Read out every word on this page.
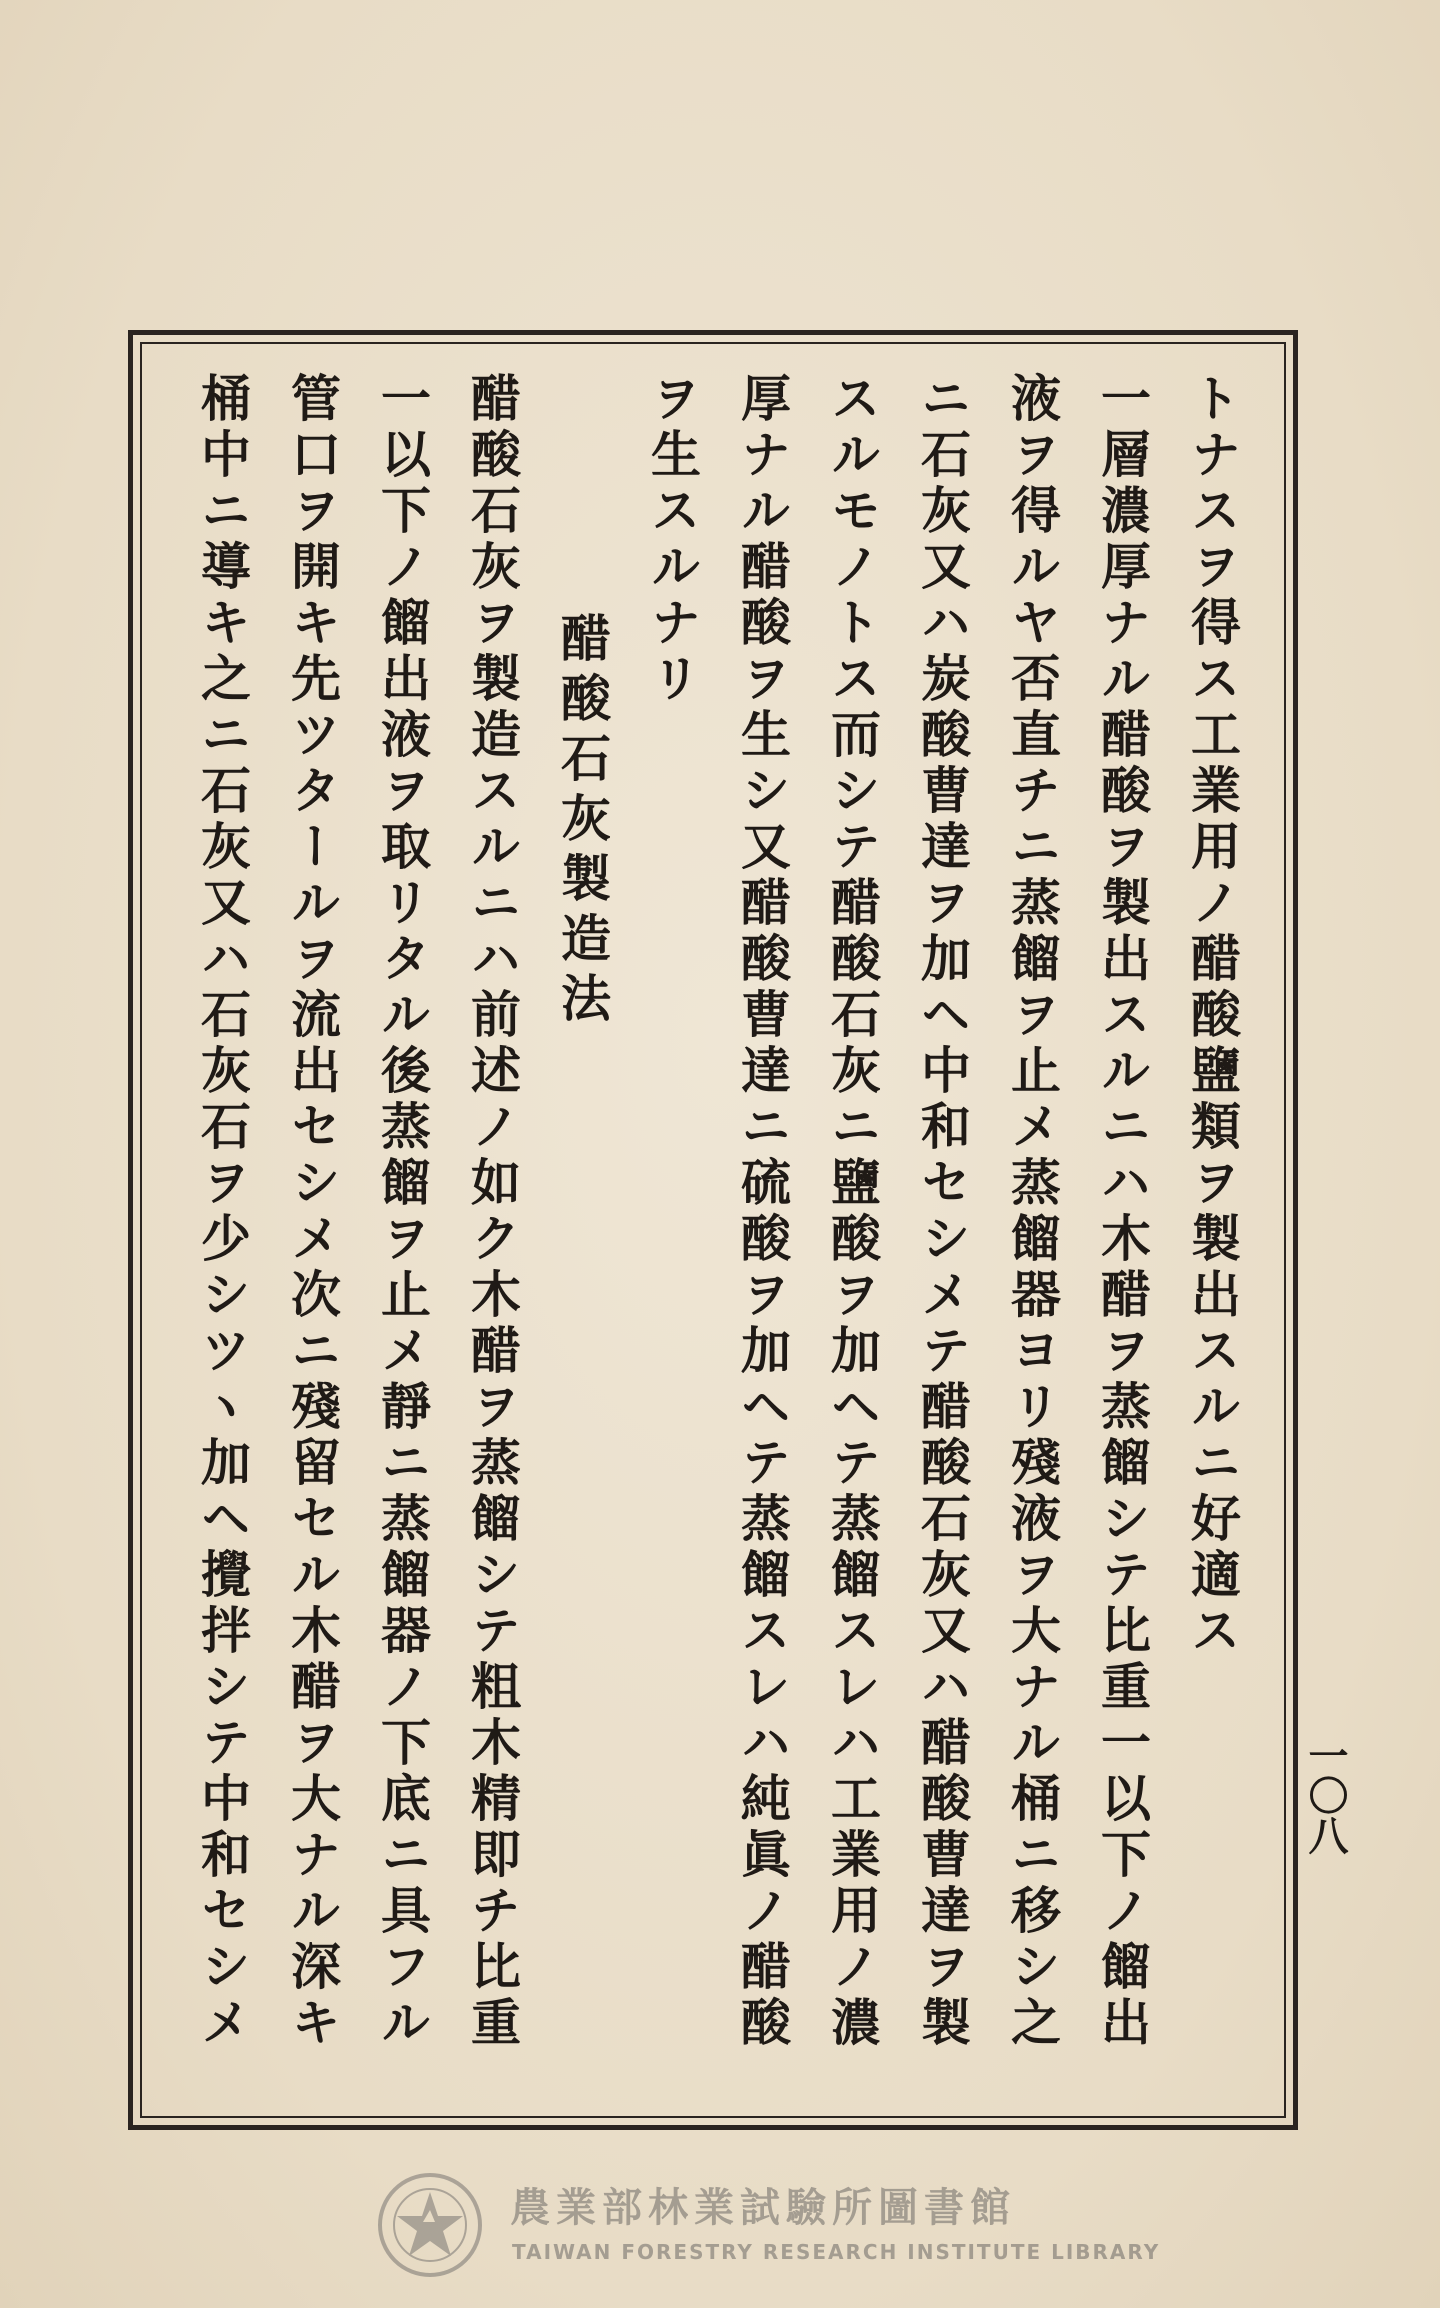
トナスヲ得ス工業用ノ醋酸鹽類ヲ製出スルニ好適ス
一層濃厚ナル醋酸ヲ製出スルニハ木醋ヲ蒸餾シテ比重一以下ノ餾出
液ヲ得ルヤ否直チニ蒸餾ヲ止メ蒸餾器ヨリ殘液ヲ大ナル桶ニ移シ之
ニ石灰又ハ炭酸曹達ヲ加ヘ中和セシメテ醋酸石灰又ハ醋酸曹達ヲ製
スルモノトス而シテ醋酸石灰ニ鹽酸ヲ加ヘテ蒸餾スレハ工業用ノ濃
厚ナル醋酸ヲ生シ又醋酸曹達ニ硫酸ヲ加ヘテ蒸餾スレハ純眞ノ醋酸
ヲ生スルナリ
醋酸石灰製造法
醋酸石灰ヲ製造スルニハ前述ノ如ク木醋ヲ蒸餾シテ粗木精即チ比重
一以下ノ餾出液ヲ取リタル後蒸餾ヲ止メ靜ニ蒸餾器ノ下底ニ具フル
管口ヲ開キ先ツタールヲ流出セシメ次ニ殘留セル木醋ヲ大ナル深キ
桶中ニ導キ之ニ石灰又ハ石灰石ヲ少シツヽ加ヘ攪拌シテ中和セシメ	一〇八
農業部林業試驗所圖書館
TAIWAN FORESTRY RESEARCH INSTITUTE LIBRARY
